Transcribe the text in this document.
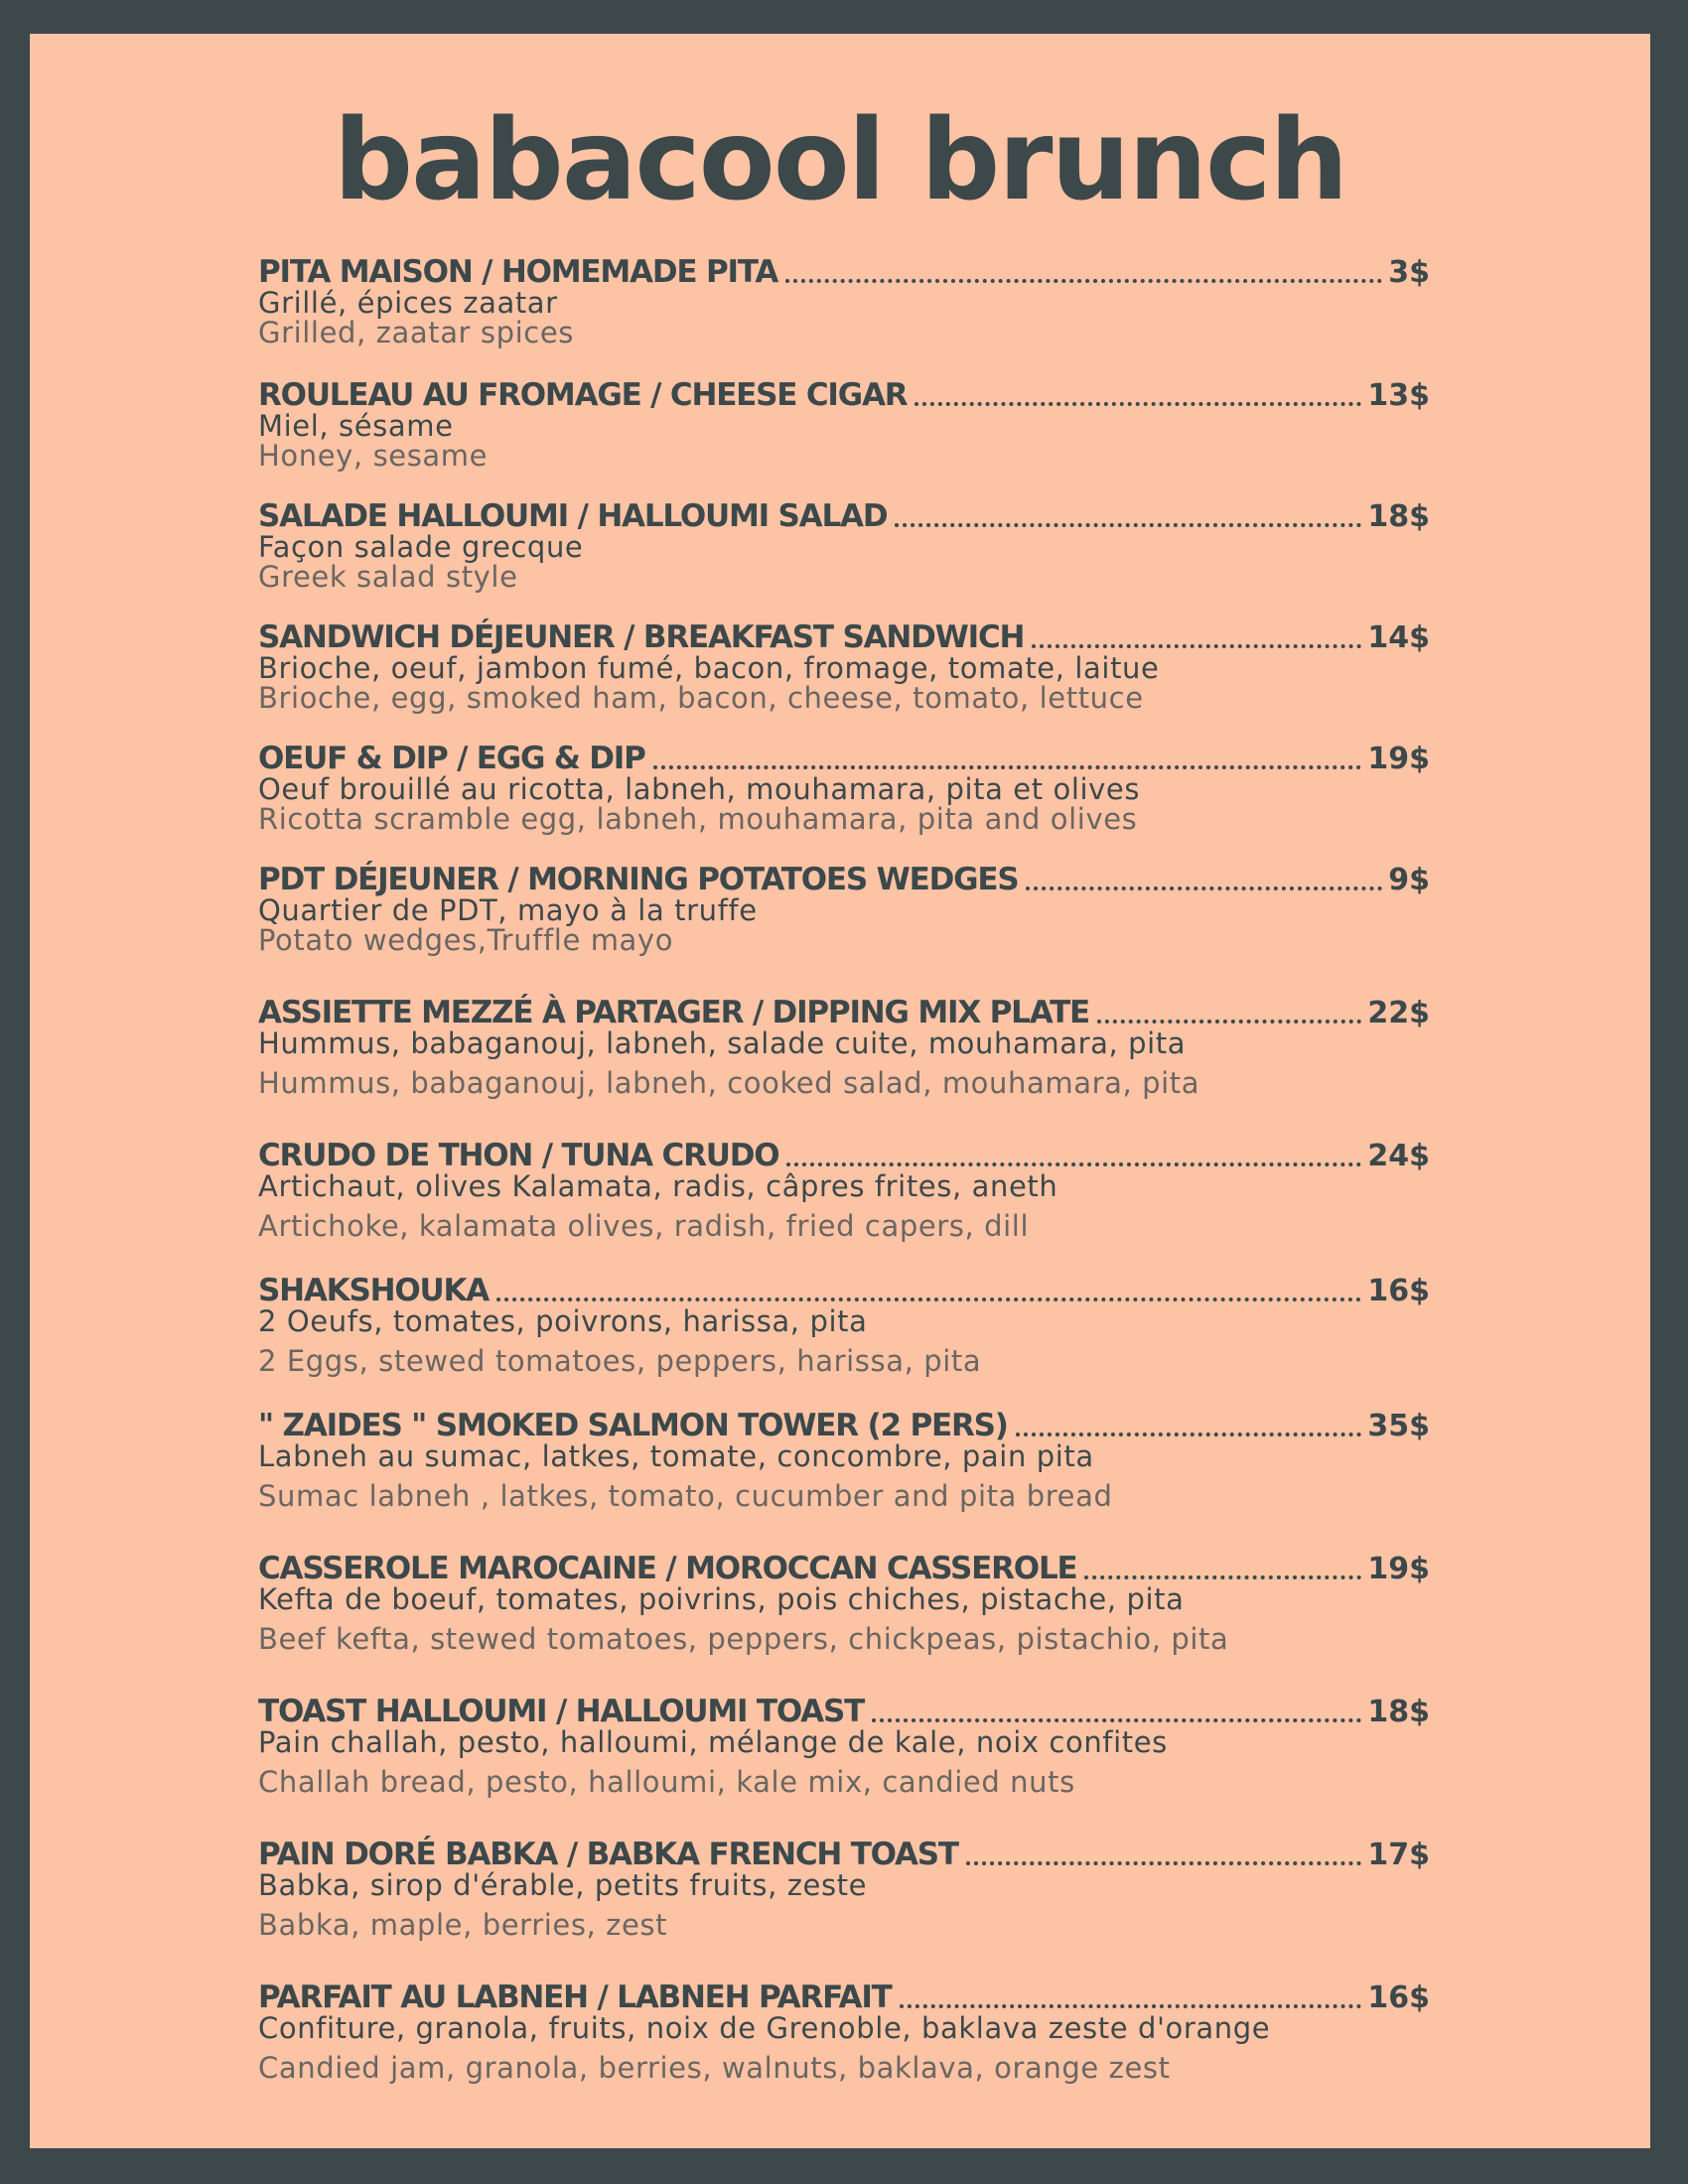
babacool brunch
PITA MAISON / HOMEMADE PITA	3$
Grillé, épices zaatar
Grilled, zaatar spices
ROULEAU AU FROMAGE / CHEESE CIGAR	13$
Miel, sésame
Honey, sesame
SALADE HALLOUMI / HALLOUMI SALAD	18$
Façon salade grecque
Greek salad style
SANDWICH DÉJEUNER / BREAKFAST SANDWICH	14$
Brioche, oeuf, jambon fumé, bacon, fromage, tomate, laitue
Brioche, egg, smoked ham, bacon, cheese, tomato, lettuce
OEUF & DIP / EGG & DIP	19$
Oeuf brouillé au ricotta, labneh, mouhamara, pita et olives
Ricotta scramble egg, labneh, mouhamara, pita and olives
PDT DÉJEUNER / MORNING POTATOES WEDGES	9$
Quartier de PDT, mayo à la truffe
Potato wedges,Truffle mayo
ASSIETTE MEZZÉ À PARTAGER / DIPPING MIX PLATE	22$
Hummus, babaganouj, labneh, salade cuite, mouhamara, pita
Hummus, babaganouj, labneh, cooked salad, mouhamara, pita
CRUDO DE THON / TUNA CRUDO	24$
Artichaut, olives Kalamata, radis, câpres frites, aneth
Artichoke, kalamata olives, radish, fried capers, dill
SHAKSHOUKA	16$
2 Oeufs, tomates, poivrons, harissa, pita
2 Eggs, stewed tomatoes, peppers, harissa, pita
" ZAIDES " SMOKED SALMON TOWER (2 PERS)	35$
Labneh au sumac, latkes, tomate, concombre, pain pita
Sumac labneh , latkes, tomato, cucumber and pita bread
CASSEROLE MAROCAINE / MOROCCAN CASSEROLE	19$
Kefta de boeuf, tomates, poivrins, pois chiches, pistache, pita
Beef kefta, stewed tomatoes, peppers, chickpeas, pistachio, pita
TOAST HALLOUMI / HALLOUMI TOAST	18$
Pain challah, pesto, halloumi, mélange de kale, noix confites
Challah bread, pesto, halloumi, kale mix, candied nuts
PAIN DORÉ BABKA / BABKA FRENCH TOAST	17$
Babka, sirop d'érable, petits fruits, zeste
Babka, maple, berries, zest
PARFAIT AU LABNEH / LABNEH PARFAIT	16$
Confiture, granola, fruits, noix de Grenoble, baklava zeste d'orange
Candied jam, granola, berries, walnuts, baklava, orange zest
